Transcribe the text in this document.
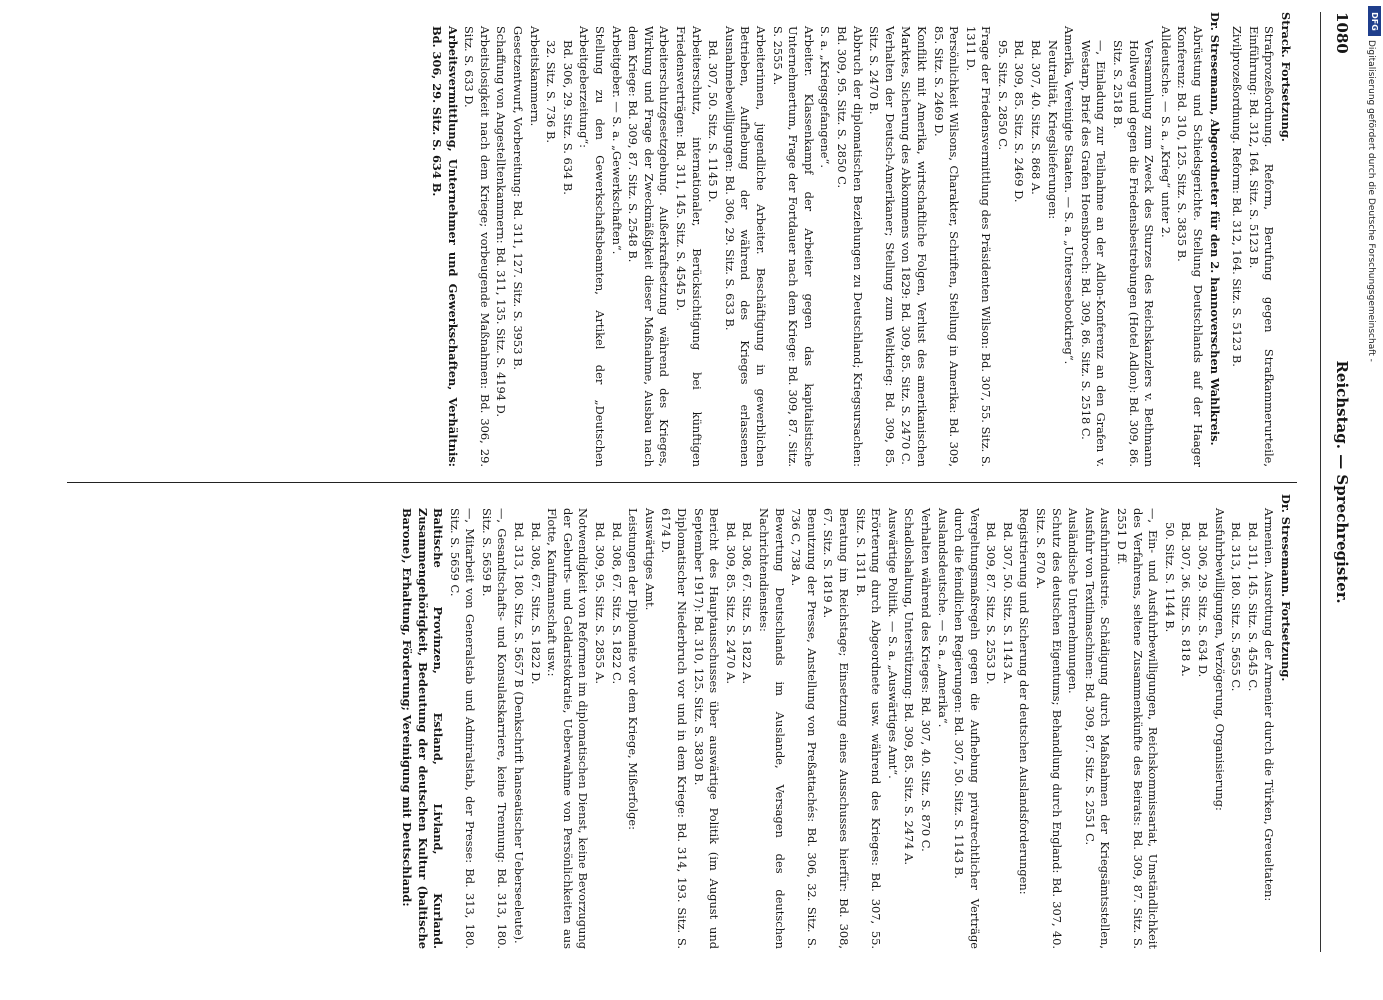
1080
Reichstag. — Sprechregister.
Strack. Fortsetzung.
Strafprozeßordnung. Reform, Berufung gegen Strafkammerurteile, Einführung: Bd. 312, 164. Sitz. S. 5123 B.
Zivilprozeßordnung. Reform: Bd. 312, 164. Sitz. S. 5123 B.
Dr. Stresemann, Abgeordneter für den 2. hannoverschen Wahlkreis.
Abrüstung und Schiedsgerichte. Stellung Deutschlands auf der Haager Konferenz: Bd. 310, 125. Sitz. S. 3835 B.
Alldeutsche. — S. a. „Krieg“ unter 2.
Versammlung zum Zweck des Sturzes des Reichskanzlers v. Bethmann Hollweg und gegen die Friedensbestrebungen (Hotel Adlon): Bd. 309, 86. Sitz. S. 2518 B.
—, Einladung zur Teilnahme an der Adlon-Konferenz an den Grafen v. Westarp, Brief des Grafen Hoensbroech: Bd. 309, 86. Sitz. S. 2518 C.
Amerika, Vereinigte Staaten. — S. a. „Unterseebootkrieg“.
Neutralität, Kriegslieferungen:
Bd. 307, 40. Sitz. S. 868 A.
Bd. 309, 85. Sitz. S. 2469 D.
95. Sitz. S. 2850 C.
Frage der Friedensvermittlung des Präsidenten Wilson: Bd. 307, 55. Sitz. S. 1311 D.
Persönlichkeit Wilsons, Charakter, Schriften, Stellung in Amerika: Bd. 309, 85. Sitz. S. 2469 D.
Konflikt mit Amerika, wirtschaftliche Folgen, Verlust des amerikanischen Marktes, Sicherung des Abkommens von 1829: Bd. 309, 85. Sitz. S. 2470 C.
Verhalten der Deutsch-Amerikaner; Stellung zum Weltkrieg: Bd. 309, 85. Sitz. S. 2470 B.
Abbruch der diplomatischen Beziehungen zu Deutschland; Kriegsursachen: Bd. 309, 95. Sitz. S. 2850 C.
S. a. „Kriegsgefangene“.
Arbeiter. Klassenkampf der Arbeiter gegen das kapitalistische Unternehmertum, Frage der Fortdauer nach dem Kriege: Bd. 309, 87. Sitz. S. 2555 A.
Arbeiterinnen, jugendliche Arbeiter. Beschäftigung in gewerblichen Betrieben, Aufhebung der während des Krieges erlassenen Ausnahmebewilligungen: Bd. 306, 29. Sitz. S. 633 B.
Bd. 307, 50. Sitz. S. 1145 D.
Arbeiterschutz, internationaler, Berücksichtigung bei künftigen Friedensverträgen: Bd. 311, 145. Sitz. S. 4545 D.
Arbeiterschutzgesetzgebung. Außerkraftsetzung während des Krieges, Wirkung und Frage der Zweckmäßigkeit dieser Maßnahme, Ausbau nach dem Kriege: Bd. 309, 87. Sitz. S. 2548 B.
Arbeitgeber. — S. a. „Gewerkschaften“.
Stellung zu den Gewerkschaftsbeamten, Artikel der „Deutschen Arbeitgeberzeitung“:
Bd. 306, 29. Sitz. S. 634 B.
32. Sitz. S. 736 B.
Arbeitskammern.
Gesetzentwurf, Vorbereitung: Bd. 311, 127. Sitz. S. 3953 B.
Schaffung von Angestelltenkammern: Bd. 311, 135. Sitz. S. 4194 D.
Arbeitslosigkeit nach dem Kriege; vorbeugende Maßnahmen: Bd. 306, 29. Sitz. S. 633 D.
Arbeitsvermittlung, Unternehmer und Gewerkschaften, Verhältnis: Bd. 306, 29. Sitz. S. 634 B.
Dr. Stresemann. Fortsetzung.
Armenien. Ausrottung der Armenier durch die Türken, Greueltaten:
Bd. 311, 145. Sitz. S. 4545 C.
Bd. 313, 180. Sitz. S. 5655 C.
Ausfuhrbewilligungen, Verzögerung, Organisierung:
Bd. 306, 29. Sitz. S. 634 D.
Bd. 307, 36. Sitz. S. 818 A.
50. Sitz. S. 1144 B.
—, Ein- und Ausfuhrbewilligungen, Reichskommissariat, Umständlichkeit des Verfahrens, seltene Zusammenkünfte des Beirats: Bd. 309, 87. Sitz. S. 2551 D ff.
Ausfuhrindustrie. Schädigung durch Maßnahmen der Kriegsämtsstellen, Ausfuhr von Textilmaschinen: Bd. 309, 87. Sitz. S. 2551 C.
Ausländische Unternehmungen.
Schutz des deutschen Eigentums; Behandlung durch England: Bd. 307, 40. Sitz. S. 870 A.
Registrierung und Sicherung der deutschen Auslandsforderungen:
Bd. 307, 50. Sitz. S. 1143 A.
Bd. 309, 87. Sitz. S. 2553 D.
Vergeltungsmaßregeln gegen die Aufhebung privatrechtlicher Verträge durch die feindlichen Regierungen: Bd. 307, 50. Sitz. S. 1143 B.
Auslandsdeutsche. — S. a. „Amerika“.
Verhalten während des Krieges: Bd. 307, 40. Sitz. S. 870 C.
Schadloshaltung, Unterstützung: Bd. 309, 85. Sitz. S. 2474 A.
Auswärtige Politik. — S. a. „Auswärtiges Amt“.
Erörterung durch Abgeordnete usw. während des Krieges: Bd. 307, 55. Sitz. S. 1311 B.
Beratung im Reichstage; Einsetzung eines Ausschusses hierfür: Bd. 308, 67. Sitz. S. 1819 A.
Benutzung der Presse, Anstellung von Preßattachés: Bd. 306, 32. Sitz. S. 736 C, 738 A.
Bewertung Deutschlands im Auslande, Versagen des deutschen Nachrichtendienstes:
Bd. 308, 67. Sitz. S. 1822 A.
Bd. 309, 85. Sitz. S. 2470 A.
Bericht des Hauptausschusses über auswärtige Politik (im August und September 1917): Bd. 310, 125. Sitz. S. 3830 B.
Diplomatischer Niederbruch vor und in dem Kriege: Bd. 314, 193. Sitz. S. 6174 D.
Auswärtiges Amt.
Leistungen der Diplomatie vor dem Kriege, Mißerfolge:
Bd. 308, 67. Sitz. S. 1822 C.
Bd. 309, 95. Sitz. S. 2855 A.
Notwendigkeit von Reformen im diplomatischen Dienst, keine Bevorzugung der Geburts- und Geldaristokratie, Ueberwahme von Persönlichkeiten aus Flotte, Kaufmannschaft usw.:
Bd. 308, 67. Sitz. S. 1822 D.
Bd. 313, 180. Sitz. S. 5657 B (Denkschrift hanseatischer Ueberseeleute).
—, Gesandtschafts- und Konsulatskarriere, keine Trennung: Bd. 313, 180. Sitz. S. 5659 B.
—, Mitarbeit von Generalstab und Admiralstab, der Presse: Bd. 313, 180. Sitz. S. 5659 C.
Baltische Provinzen, Estland, Livland, Kurland. Zusammengehörigkeit, Bedeutung der deutschen Kultur (baltische Barone), Erhaltung, Förderung; Vereinigung mit Deutschland:
DFG
Digitalisierung gefördert durch die Deutsche Forschungsgemeinschaft -
